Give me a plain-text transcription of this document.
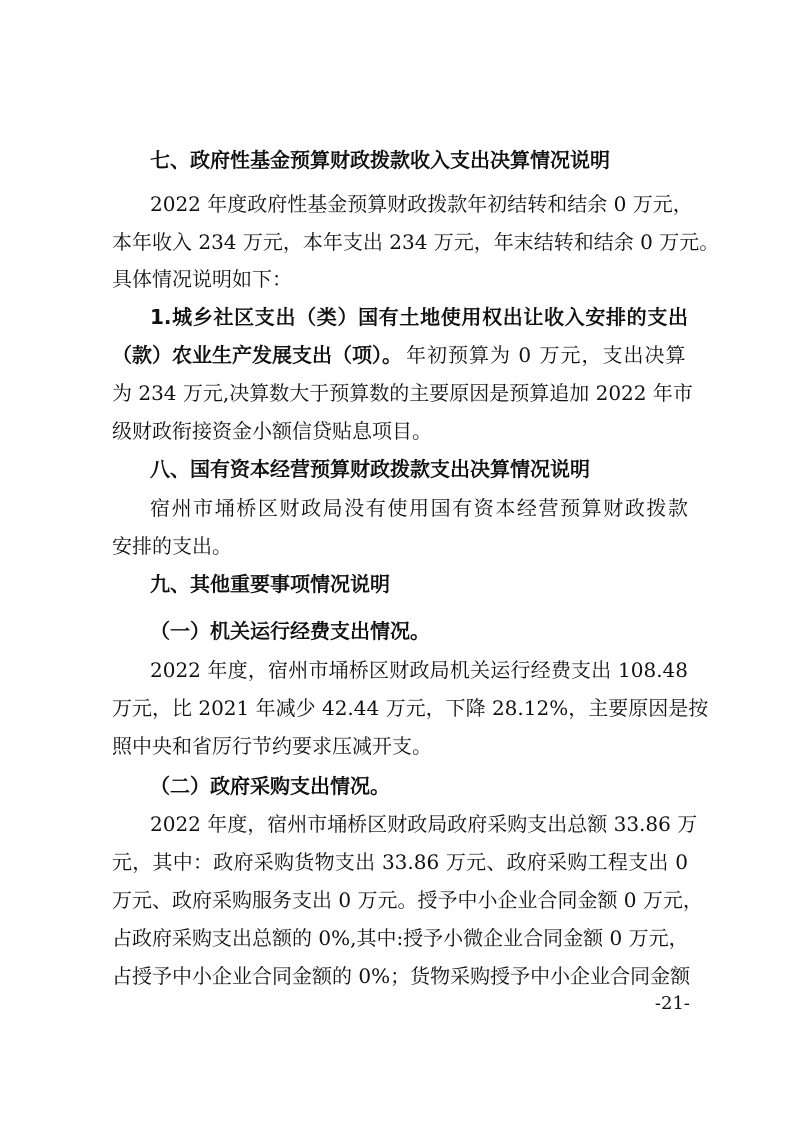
七、政府性基金预算财政拨款收入支出决算情况说明
2022 年度政府性基金预算财政拨款年初结转和结余 0 万元，
本年收入 234 万元，本年支出 234 万元，年末结转和结余 0 万元。
具体情况说明如下：
1.城乡社区支出（类）国有土地使用权出让收入安排的支出
（款）农业生产发展支出（项）。 年初预算为 0 万元，支出决算
为 234 万元,决算数大于预算数的主要原因是预算追加 2022 年市
级财政衔接资金小额信贷贴息项目。
八、国有资本经营预算财政拨款支出决算情况说明
宿州市埇桥区财政局没有使用国有资本经营预算财政拨款
安排的支出。
九、其他重要事项情况说明
（一）机关运行经费支出情况。
2022 年度，宿州市埇桥区财政局机关运行经费支出 108.48
万元，比 2021 年减少 42.44 万元，下降 28.12%，主要原因是按
照中央和省厉行节约要求压减开支。
（二）政府采购支出情况。
2022 年度，宿州市埇桥区财政局政府采购支出总额 33.86 万
元，其中：政府采购货物支出 33.86 万元、政府采购工程支出 0
万元、政府采购服务支出 0 万元。授予中小企业合同金额 0 万元，
占政府采购支出总额的 0%,其中:授予小微企业合同金额 0 万元，
占授予中小企业合同金额的 0%；货物采购授予中小企业合同金额
-21-
